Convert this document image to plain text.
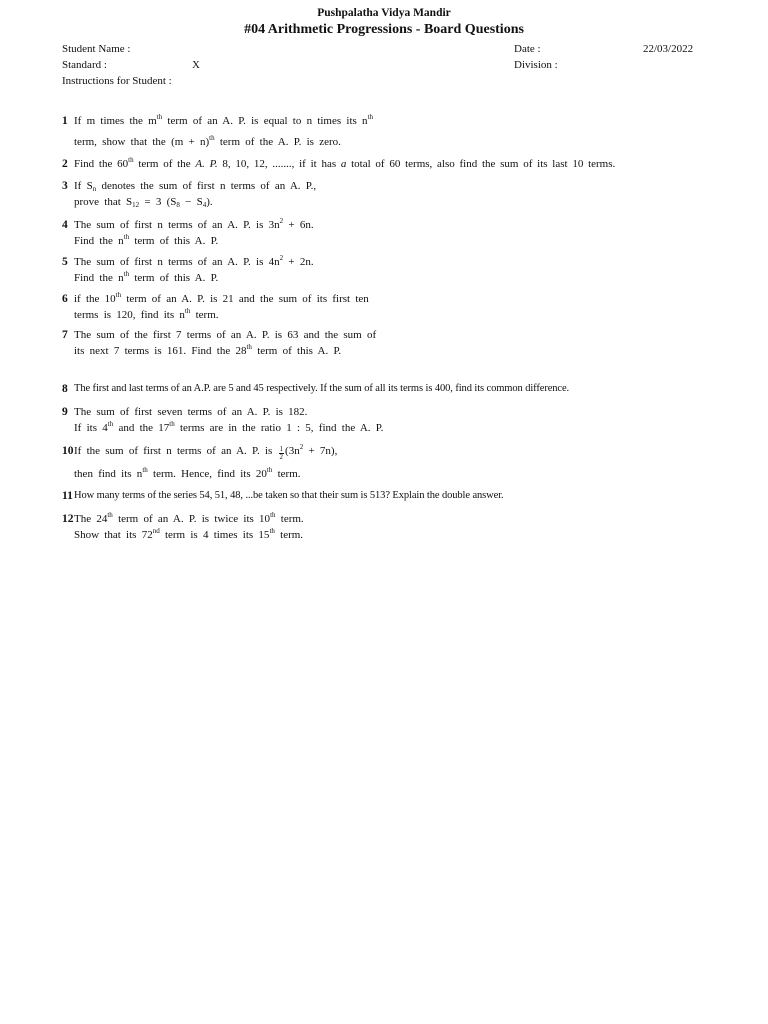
Pushpalatha Vidya Mandir
#04 Arithmetic Progressions - Board Questions
Student Name :	Date :	22/03/2022
Standard :	X	Division :
Instructions for Student :
1 If m times the $m^{th}$ term of an A. P. is equal to n times its $n^{th}$
term, show that the $(m + n)^{th}$ term of the A. P. is zero.
2 Find the 60th term of the A. P. 8, 10, 12, ......., if it has a total of 60 terms, also find the sum of its last 10 terms.
3 If $S_n$ denotes the sum of first n terms of an A. P.,
prove that $S_{12} = 3$ $(S_8 - S_4)$.
4 The sum of first n terms of an A. P. is $3n^2 + 6n$.
Find the $n^{th}$ term of this A. P.
5 The sum of first n terms of an A. P. is $4n^2 + 2n$.
Find the $n^{th}$ term of this A. P.
6 if the 10th term of an A. P. is 21 and the sum of its first ten
terms is 120, find its $n^{th}$ term.
7 The sum of the first 7 terms of an A. P. is 63 and the sum of
its next 7 terms is 161. Find the 28th term of this A. P.
8 The first and last terms of an A.P. are 5 and 45 respectively. If the sum of all its terms is 400, find its common difference.
9 The sum of first seven terms of an A. P. is 182.
If its 4th and the 17th terms are in the ratio 1 : 5, find the A. P.
10 If the sum of first n terms of an A. P. is $\frac{1}{2} (3n^2 + 7n)$,
then find its $n^{th}$ term. Hence, find its 20th term.
11 How many terms of the series 54, 51, 48, ...be taken so that their sum is 513? Explain the double answer.
12 The 24th term of an A. P. is twice its 10th term.
Show that its 72nd term is 4 times its 15th term.
